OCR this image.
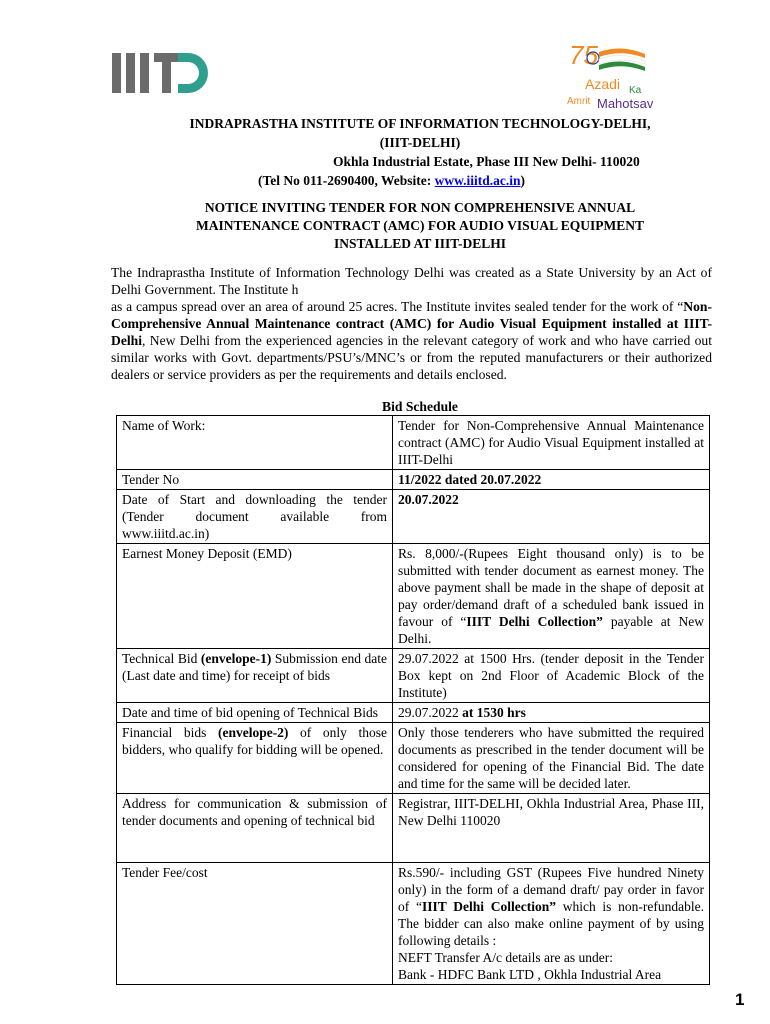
75
Azadi Ka
Amrit Mahotsav
INDRAPRASTHA INSTITUTE OF INFORMATION TECHNOLOGY-DELHI,
(IIIT-DELHI)
Okhla Industrial Estate, Phase III New Delhi- 110020
(Tel No 011-2690400, Website: www.iiitd.ac.in)
NOTICE INVITING TENDER FOR NON COMPREHENSIVE ANNUAL
MAINTENANCE CONTRACT (AMC) FOR AUDIO VISUAL EQUIPMENT
INSTALLED AT IIIT-DELHI

The Indraprastha Institute of Information Technology Delhi was created as a State University by an Act of Delhi Government. The Institute h

as a campus spread over an area of around 25 acres. The Institute invites sealed tender for the work of “Non-Comprehensive Annual Maintenance contract (AMC) for Audio Visual Equipment installed at IIIT-Delhi, New Delhi from the experienced agencies in the relevant category of work and who have carried out similar works with Govt. departments/PSU’s/MNC’s or from the reputed manufacturers or their authorized dealers or service providers as per the requirements and details enclosed.

Bid Schedule
Name of Work:	Tender for Non-Comprehensive Annual Maintenance contract (AMC) for Audio Visual Equipment installed at IIIT-Delhi
Tender No	11/2022 dated 20.07.2022
Date of Start and downloading the tender (Tender document available from www.iiitd.ac.in)	20.07.2022
Earnest Money Deposit (EMD)	Rs. 8,000/-(Rupees Eight thousand only) is to be submitted with tender document as earnest money. The above payment shall be made in the shape of deposit at pay order/demand draft of a scheduled bank issued in favour of “IIIT Delhi Collection” payable at New Delhi.
Technical Bid (envelope-1) Submission end date (Last date and time) for receipt of bids	29.07.2022 at 1500 Hrs. (tender deposit in the Tender Box kept on 2nd Floor of Academic Block of the Institute)
Date and time of bid opening of Technical Bids	29.07.2022 at 1530 hrs
Financial bids (envelope-2) of only those bidders, who qualify for bidding will be opened.	Only those tenderers who have submitted the required documents as prescribed in the tender document will be considered for opening of the Financial Bid. The date and time for the same will be decided later.
Address for communication & submission of tender documents and opening of technical bid	Registrar, IIIT-DELHI, Okhla Industrial Area, Phase III, New Delhi 110020
Tender Fee/cost	Rs.590/- including GST (Rupees Five hundred Ninety only) in the form of a demand draft/ pay order in favor of “IIIT Delhi Collection” which is non-refundable. The bidder can also make online payment of by using following details :
NEFT Transfer A/c details are as under:
Bank - HDFC Bank LTD , Okhla Industrial Area
1
